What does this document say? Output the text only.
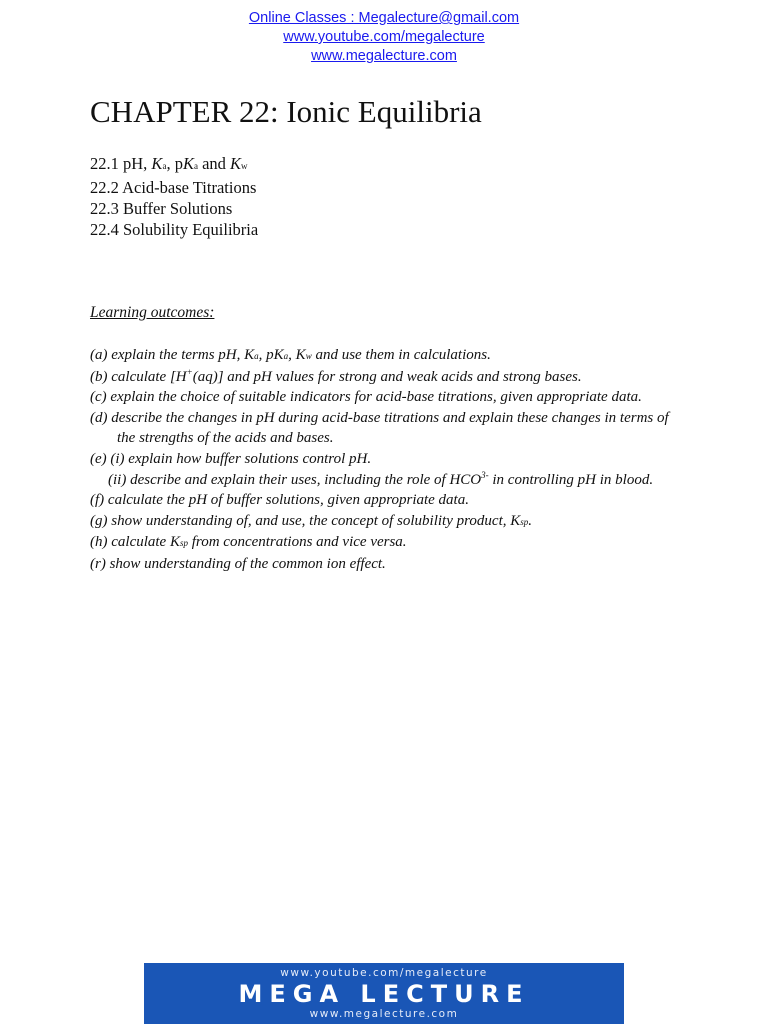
Online Classes : Megalecture@gmail.com
www.youtube.com/megalecture
www.megalecture.com
CHAPTER 22: Ionic Equilibria
22.1 pH, Ka, pKa and Kw
22.2 Acid-base Titrations
22.3 Buffer Solutions
22.4 Solubility Equilibria
Learning outcomes:
(a) explain the terms pH, Ka, pKa, Kw and use them in calculations.
(b) calculate [H+(aq)] and pH values for strong and weak acids and strong bases.
(c) explain the choice of suitable indicators for acid-base titrations, given appropriate data.
(d) describe the changes in pH during acid-base titrations and explain these changes in terms of
the strengths of the acids and bases.
(e) (i) explain how buffer solutions control pH.
(ii) describe and explain their uses, including the role of $HCO^{3-}$ in controlling pH in blood.
(f) calculate the pH of buffer solutions, given appropriate data.
(g) show understanding of, and use, the concept of solubility product, Ksp.
(h) calculate Ksp from concentrations and vice versa.
(r) show understanding of the common ion effect.
www.youtube.com/megalecture
MEGA LECTURE
www.megalecture.com
